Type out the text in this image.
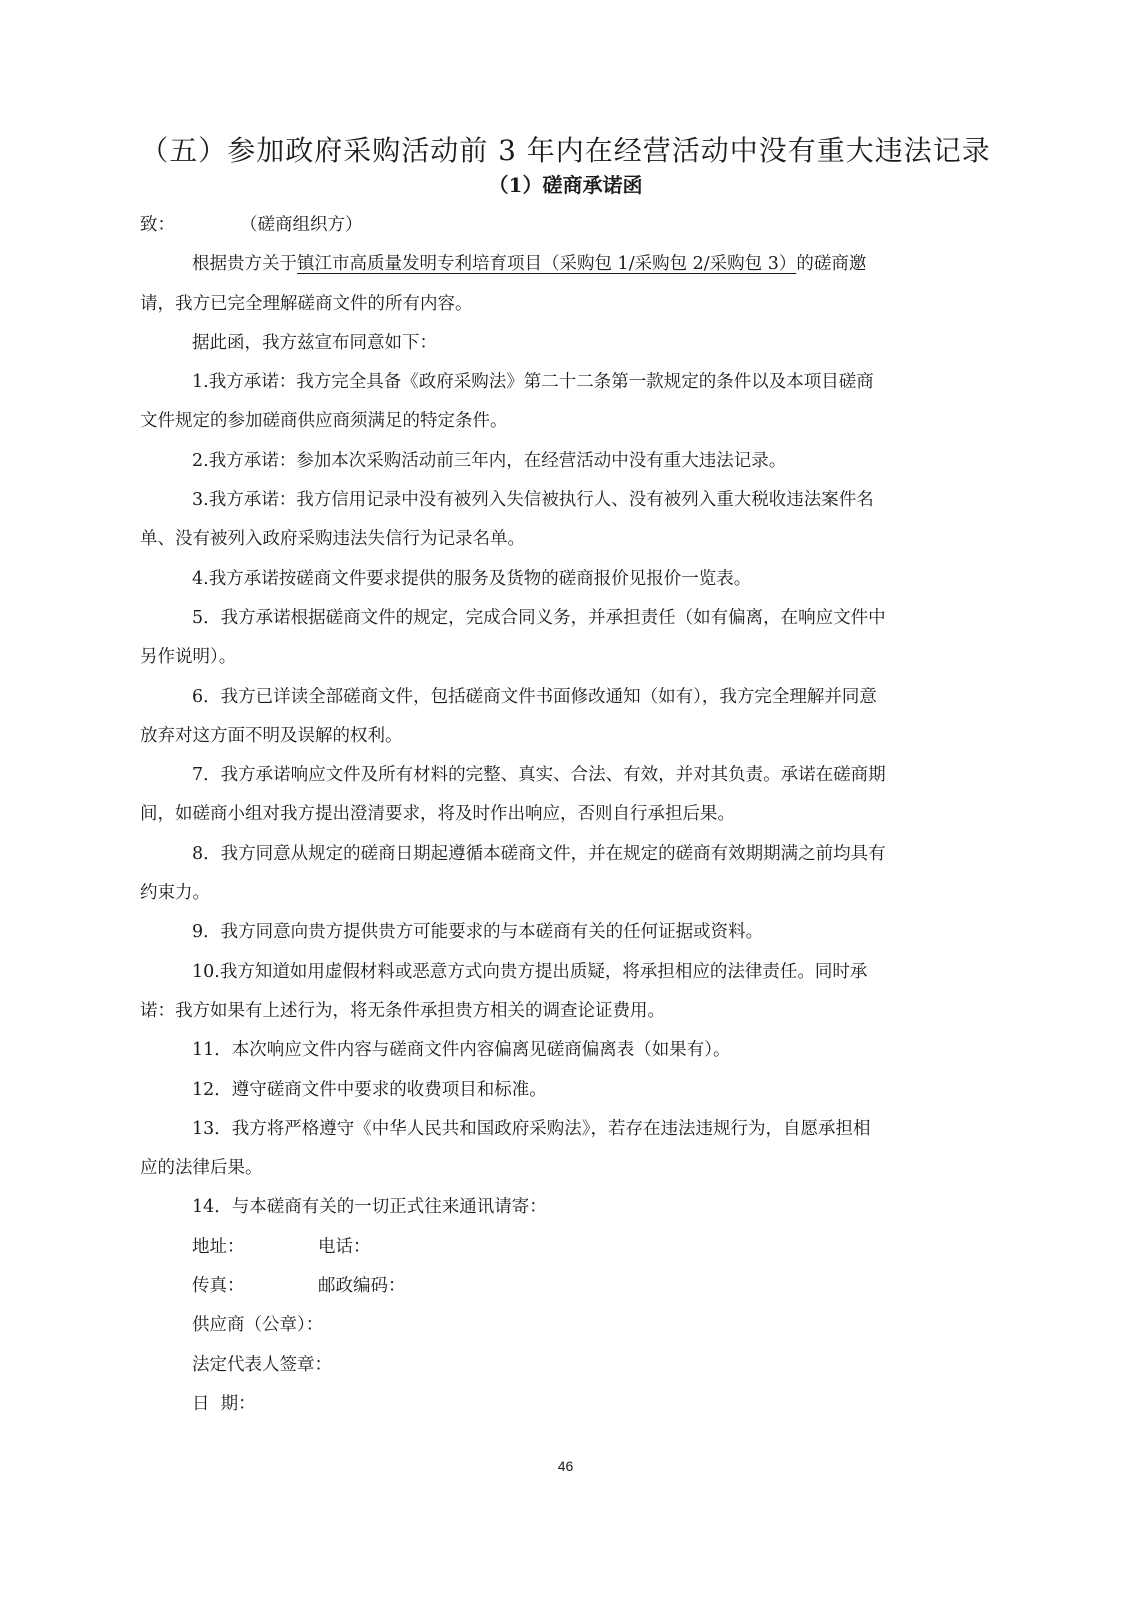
（五）参加政府采购活动前 3 年内在经营活动中没有重大违法记录
（1）磋商承诺函
致：	（磋商组织方）
根据贵方关于镇江市高质量发明专利培育项目（采购包 1/采购包 2/采购包 3）的磋商邀
请，我方已完全理解磋商文件的所有内容。
据此函，我方兹宣布同意如下：
1.我方承诺：我方完全具备《政府采购法》第二十二条第一款规定的条件以及本项目磋商
文件规定的参加磋商供应商须满足的特定条件。
2.我方承诺：参加本次采购活动前三年内，在经营活动中没有重大违法记录。
3.我方承诺：我方信用记录中没有被列入失信被执行人、没有被列入重大税收违法案件名
单、没有被列入政府采购违法失信行为记录名单。
4.我方承诺按磋商文件要求提供的服务及货物的磋商报价见报价一览表。
5．我方承诺根据磋商文件的规定，完成合同义务，并承担责任（如有偏离，在响应文件中
另作说明）。
6．我方已详读全部磋商文件，包括磋商文件书面修改通知（如有），我方完全理解并同意
放弃对这方面不明及误解的权利。
7．我方承诺响应文件及所有材料的完整、真实、合法、有效，并对其负责。承诺在磋商期
间，如磋商小组对我方提出澄清要求，将及时作出响应，否则自行承担后果。
8．我方同意从规定的磋商日期起遵循本磋商文件，并在规定的磋商有效期期满之前均具有
约束力。
9．我方同意向贵方提供贵方可能要求的与本磋商有关的任何证据或资料。
10.我方知道如用虚假材料或恶意方式向贵方提出质疑，将承担相应的法律责任。同时承
诺：我方如果有上述行为，将无条件承担贵方相关的调查论证费用。
11．本次响应文件内容与磋商文件内容偏离见磋商偏离表（如果有）。
12．遵守磋商文件中要求的收费项目和标准。
13．我方将严格遵守《中华人民共和国政府采购法》，若存在违法违规行为，自愿承担相
应的法律后果。
14．与本磋商有关的一切正式往来通讯请寄：
地址：	电话：
传真：	邮政编码：
供应商（公章）：
法定代表人签章：
日  期：
46
